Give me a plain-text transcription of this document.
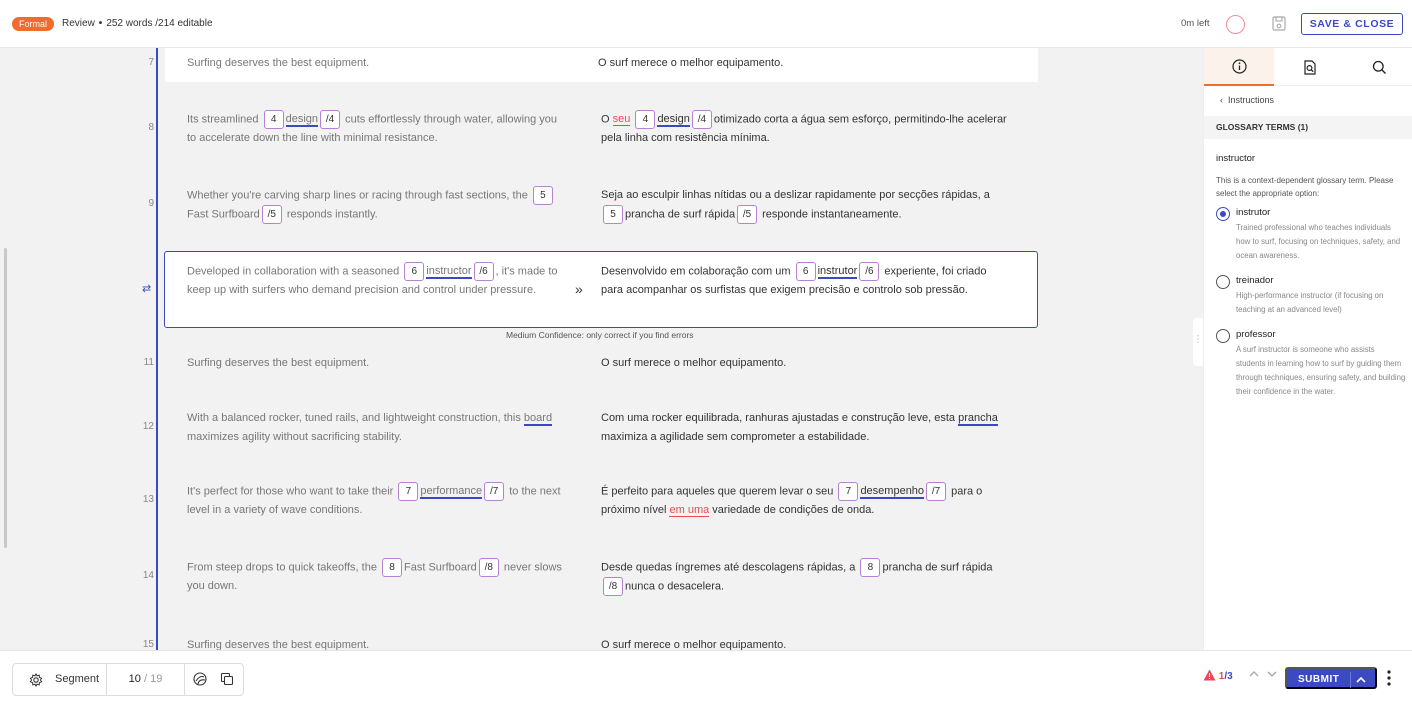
Formal	Review • 252 words /214 editable	0m left	SAVE & CLOSE
7	Surfing deserves the best equipment.	O surf merece o melhor equipamento.
8
Its streamlined 4 design /4 cuts effortlessly through water, allowing you to accelerate down the line with minimal resistance.
O seu 4 design /4 otimizado corta a água sem esforço, permitindo-lhe acelerar pela linha com resistência mínima.
9
Whether you're carving sharp lines or racing through fast sections, the 5Fast Surfboard /5 responds instantly.
Seja ao esculpir linhas nítidas ou a deslizar rapidamente por secções rápidas, a 5 prancha de surf rápida /5 responde instantaneamente.
⇄
Developed in collaboration with a seasoned 6 instructor /6 , it's made to keep up with surfers who demand precision and control under pressure.	»
Desenvolvido em colaboração com um 6 instrutor /6 experiente, foi criado para acompanhar os surfistas que exigem precisão e controlo sob pressão.
Medium Confidence: only correct if you find errors
11	Surfing deserves the best equipment.	O surf merece o melhor equipamento.
12
With a balanced rocker, tuned rails, and lightweight construction, this board maximizes agility without sacrificing stability.
Com uma rocker equilibrada, ranhuras ajustadas e construção leve, esta prancha maximiza a agilidade sem comprometer a estabilidade.
13
It's perfect for those who want to take their 7 performance /7 to the next level in a variety of wave conditions.
É perfeito para aqueles que querem levar o seu 7 desempenho /7 para o próximo nível em uma variedade de condições de onda.
14
From steep drops to quick takeoffs, the 8 Fast Surfboard /8 never slows you down.
Desde quedas íngremes até descolagens rápidas, a 8 prancha de surf rápida /8 nunca o desacelera.
15	Surfing deserves the best equipment.	O surf merece o melhor equipamento.
⋮
‹ Instructions
GLOSSARY TERMS (1)
instructor
This is a context-dependent glossary term. Please select the appropriate option:
instrutor
Trained professional who teaches individuals how to surf, focusing on techniques, safety, and ocean awareness.
treinador
High-performance instructor (if focusing on teaching at an advanced level)
professor
A surf instructor is someone who assists students in learning how to surf by guiding them through techniques, ensuring safety, and building their confidence in the water.
Segment	10 / 19	1/3	SUBMIT
